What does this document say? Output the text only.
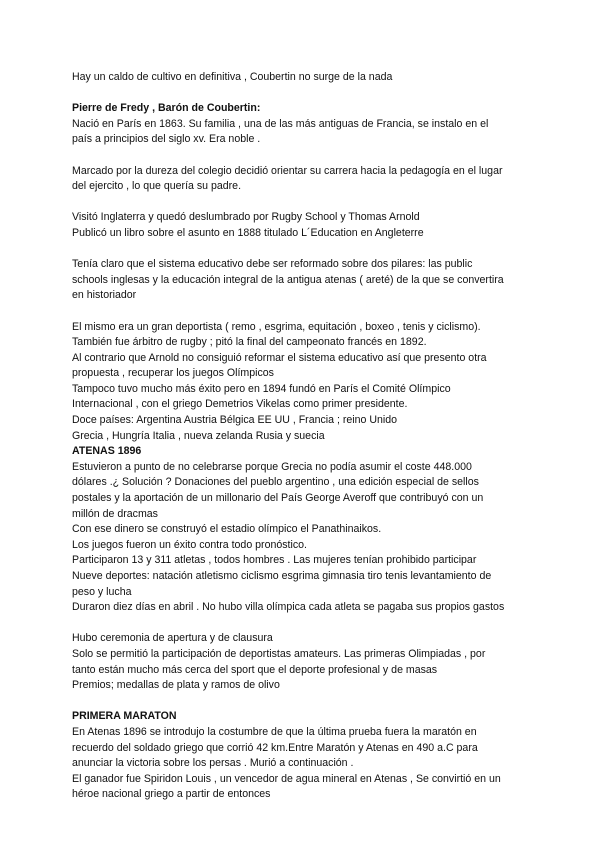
Hay un caldo de cultivo en definitiva , Coubertin no surge de la nada
Pierre de Fredy , Barón de Coubertin:
Nació en París en 1863. Su familia , una de las más antiguas de Francia, se instalo en el
país a principios del siglo xv. Era noble .
Marcado por la dureza del colegio decidió orientar su carrera hacia la pedagogía en el lugar
del ejercito , lo que quería su padre.
Visitó Inglaterra y quedó deslumbrado por Rugby School y Thomas Arnold
Publicó un libro sobre el asunto en 1888 titulado L´Education en Angleterre
Tenía claro que el sistema educativo debe ser reformado sobre dos pilares: las public
schools inglesas y la educación integral de la antigua atenas ( areté) de la que se convertira
en historiador
El mismo era un gran deportista ( remo , esgrima, equitación , boxeo , tenis y ciclismo).
También fue árbitro de rugby ; pitó la final del campeonato francés en 1892.
Al contrario que Arnold no consiguió reformar el sistema educativo así que presento otra
propuesta , recuperar los juegos Olímpicos
Tampoco tuvo mucho más éxito pero en 1894 fundó en París el Comité Olímpico
Internacional , con el griego Demetrios Vikelas como primer presidente.
Doce países: Argentina Austria Bélgica EE UU , Francia ; reino Unido
Grecia , Hungría Italia , nueva zelanda Rusia y suecia
ATENAS 1896
Estuvieron a punto de no celebrarse porque Grecia no podía asumir el coste 448.000
dólares .¿ Solución ? Donaciones del pueblo argentino , una edición especial de sellos
postales y la aportación de un millonario del País George Averoff que contribuyó con un
millón de dracmas
Con ese dinero se construyó el estadio olímpico el Panathinaikos.
Los juegos fueron un éxito contra todo pronóstico.
Participaron 13 y 311 atletas , todos hombres . Las mujeres tenían prohibido participar
Nueve deportes: natación atletismo ciclismo esgrima gimnasia tiro tenis levantamiento de
peso y lucha
Duraron diez días en abril . No hubo villa olímpica cada atleta se pagaba sus propios gastos
Hubo ceremonia de apertura y de clausura
Solo se permitió la participación de deportistas amateurs. Las primeras Olimpiadas , por
tanto están mucho más cerca del sport que el deporte profesional y de masas
Premios; medallas de plata y ramos de olivo
PRIMERA MARATON
En Atenas 1896 se introdujo la costumbre de que la última prueba fuera la maratón en
recuerdo del soldado griego que corrió 42 km.Entre Maratón y Atenas en 490 a.C para
anunciar la victoria sobre los persas . Murió a continuación .
El ganador fue Spiridon Louis , un vencedor de agua mineral en Atenas , Se convirtió en un
héroe nacional griego a partir de entonces
